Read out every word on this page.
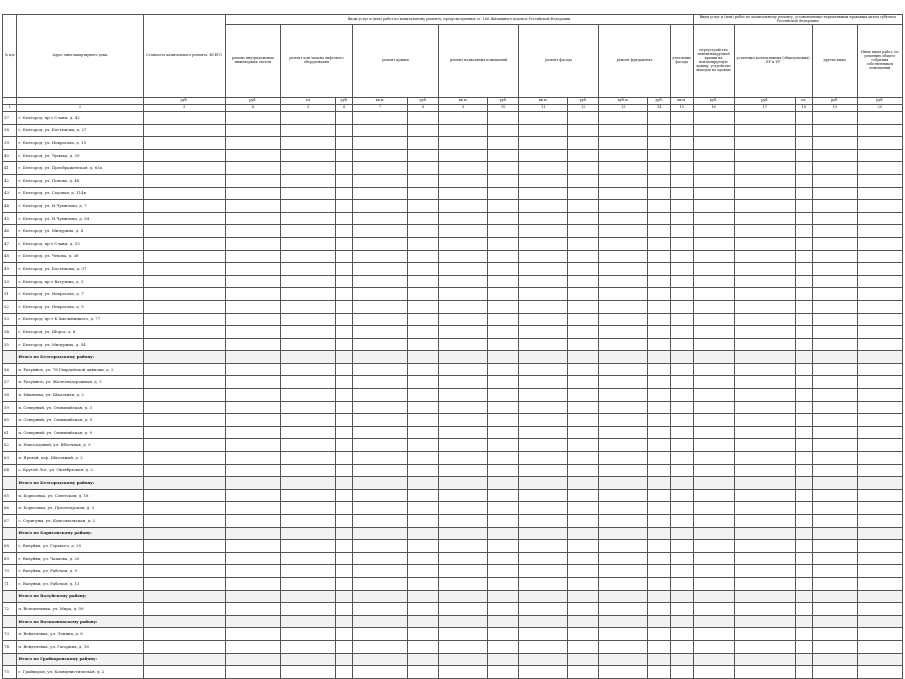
№ п/п	Адрес многоквартирного дома	Стоимость капитального ремонта, ВСЕГО	Виды услуг и (или) работ по капитальному ремонту, предусмотренные ст. 166 Жилищного кодекса Российской Федерации												Виды услуг и (или) работ по капитальному ремонту, установленные нормативным правовым актом субъекта Российской Федерации				
			ремонт внутридомовых инженерных систем	ремонт или замена лифтового оборудования		ремонт крыши		ремонт подвальных помещений		ремонт фасада		ремонт фундамента		утепление фасада	переустройство невентилируемой крыши на вентилируемую крышу, устройство выходов на кровлю	установка коллективных (общедомовых) ПУ и УУ		другие виды	Иные виды работ, по решению общего собрания собственников помещений
		руб.	руб.	ед.	руб.	кв.м.	руб.	кв.м.	руб.	кв.м.	руб.	куб.м.	руб.	кв.м.	руб.	руб.	ед.	руб.	руб.
1	2	3	4	5	6	7	8	9	10	11	12	13	14	15	16	17	18	19	20
37	г. Белгород, пр-т Славы, д. 42																		
38	г. Белгород, ул. Костюкова, д. 27																		
39	г. Белгород, ул. Некрасова, д. 10																		
40	г. Белгород, ул. Чумака, д. 39																		
41	г. Белгород, ул. Преображенская, д. 63а																		
42	г. Белгород, ул. Попова, д. 48																		
43	г. Белгород, ул. Садовая, д. 114в																		
44	г. Белгород, ул. Н.Чумичова, д. 7																		
45	г. Белгород, ул. Н.Чумичова, д. 54																		
46	г. Белгород, ул. Мичурина, д. 4																		
47	г. Белгород, пр-т Славы, д. 53																		
48	г. Белгород, ул. Чехова, д. 36																		
49	г. Белгород, ул. Костюкова, д. 37																		
50	г. Белгород, пр-т Ватутина, д. 3																		
51	г. Белгород, ул. Некрасова, д. 7																		
52	г. Белгород, ул. Некрасова, д. 9																		
53	г. Белгород, пр-т Б.Хмельницкого, д. 77																		
54	г. Белгород, ул. Шорса, д. 8																		
55	г. Белгород, ул. Мичурина, д. 54																		
	Итого по Белгородскому району:																		
56	п. Разумное, ул. 78 Гвардейской дивизии, д. 2																		
57	п. Разумное, ул. Железнодорожная, д. 3																		
58	п. Ивановка, ул. Школьная, д. 2																		
59	п. Северный, ул. Олимпийская, д. 3																		
60	п. Северный, ул. Олимпийская, д. 5																		
61	п. Северный, ул. Олимпийская, д. 9																		
62	п. Новосадовый, ул. Яблочная, д. 9																		
63	п. Яровой, пер. Школьный, д. 2																		
64	с. Крутой Лог, ул. Октябрьская, д. 2																		
	Итого по Белгородскому району:																		
65	п. Борисовка, ул. Советская, д. 18																		
66	п. Борисовка, ул. Пролетарская, д. 3																		
67	с. Стригуны, ул. Комсомольская, д. 2																		
	Итого по Борисовскому району:																		
68	г. Валуйки, ул. Горького, д. 35																		
69	г. Валуйки, ул. Чапаева, д. 20																		
70	г. Валуйки, ул. Рабочая, д. 9																		
71	г. Валуйки, ул. Рабочая, д. 13																		
	Итого по Валуйскому району:																		
72	п. Волоконовка, ул. Мира, д. 59																		
	Итого по Волоконовскому району:																		
73	п. Вейделевка, ул. Ленина, д. 8																		
74	п. Вейделевка, ул. Гагарина, д. 18																		
	Итого по Грайворонскому району:																		
75	г. Грайворон, ул. Коммунистическая, д. 2																		
